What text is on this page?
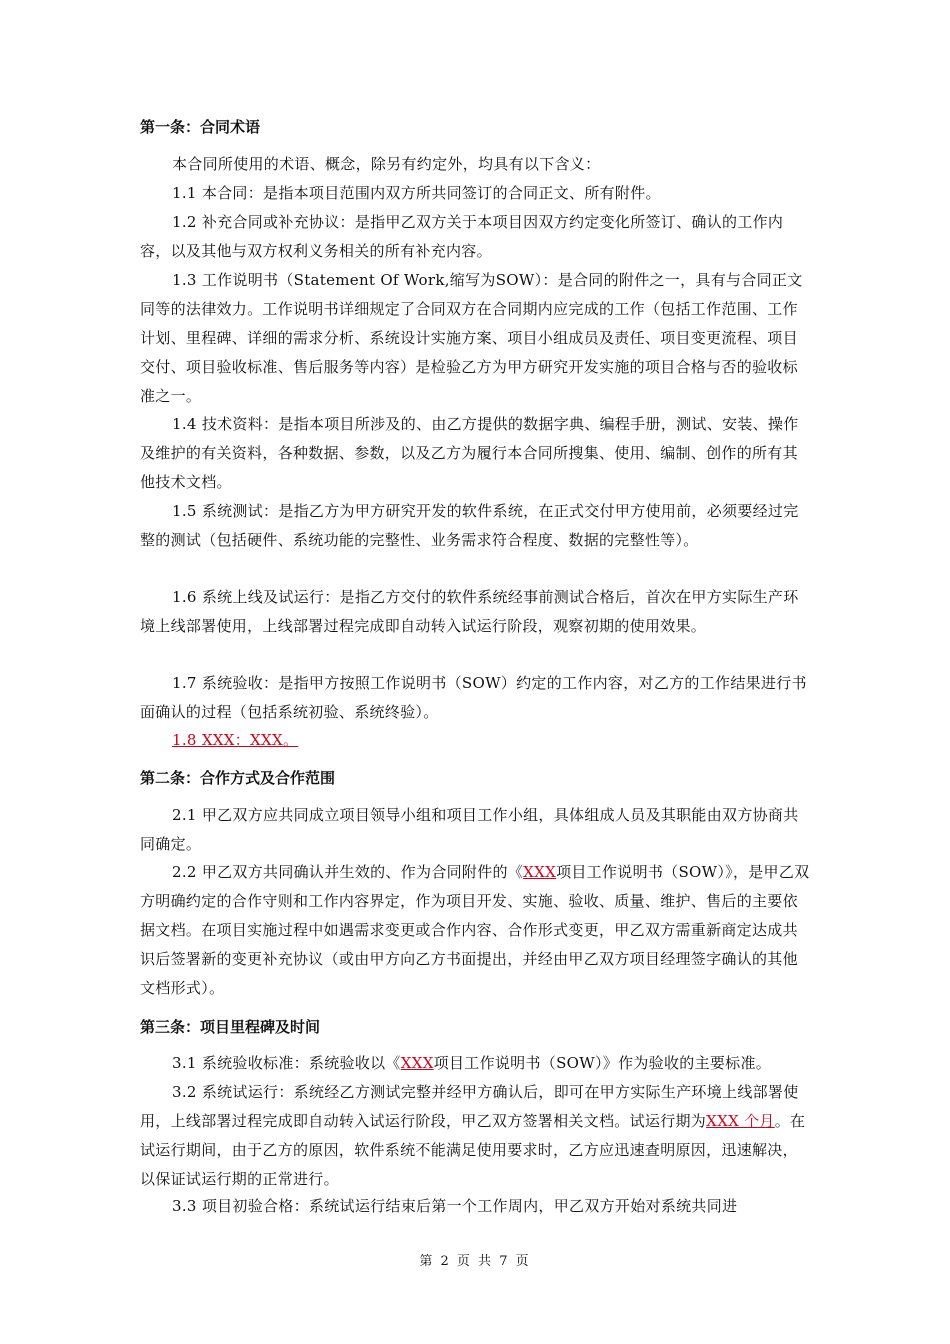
第一条：合同术语

本合同所使用的术语、概念，除另有约定外，均具有以下含义：

1.1 本合同：是指本项目范围内双方所共同签订的合同正文、所有附件。

1.2 补充合同或补充协议：是指甲乙双方关于本项目因双方约定变化所签订、确认的工作内容，以及其他与双方权利义务相关的所有补充内容。

1.3 工作说明书（Statement Of Work,缩写为SOW）：是合同的附件之一，具有与合同正文同等的法律效力。工作说明书详细规定了合同双方在合同期内应完成的工作（包括工作范围、工作计划、里程碑、详细的需求分析、系统设计实施方案、项目小组成员及责任、项目变更流程、项目交付、项目验收标准、售后服务等内容）是检验乙方为甲方研究开发实施的项目合格与否的验收标准之一。

1.4 技术资料：是指本项目所涉及的、由乙方提供的数据字典、编程手册，测试、安装、操作及维护的有关资料，各种数据、参数，以及乙方为履行本合同所搜集、使用、编制、创作的所有其他技术文档。

1.5 系统测试：是指乙方为甲方研究开发的软件系统，在正式交付甲方使用前，必须要经过完整的测试（包括硬件、系统功能的完整性、业务需求符合程度、数据的完整性等）。

1.6 系统上线及试运行：是指乙方交付的软件系统经事前测试合格后，首次在甲方实际生产环境上线部署使用，上线部署过程完成即自动转入试运行阶段，观察初期的使用效果。

1.7 系统验收：是指甲方按照工作说明书（SOW）约定的工作内容，对乙方的工作结果进行书面确认的过程（包括系统初验、系统终验）。

1.8 XXX：XXX。

第二条：合作方式及合作范围

2.1 甲乙双方应共同成立项目领导小组和项目工作小组，具体组成人员及其职能由双方协商共同确定。

2.2 甲乙双方共同确认并生效的、作为合同附件的《XXX项目工作说明书（SOW）》，是甲乙双方明确约定的合作守则和工作内容界定，作为项目开发、实施、验收、质量、维护、售后的主要依据文档。在项目实施过程中如遇需求变更或合作内容、合作形式变更，甲乙双方需重新商定达成共识后签署新的变更补充协议（或由甲方向乙方书面提出，并经由甲乙双方项目经理签字确认的其他文档形式）。

第三条：项目里程碑及时间

3.1 系统验收标准：系统验收以《XXX项目工作说明书（SOW）》作为验收的主要标准。

3.2 系统试运行：系统经乙方测试完整并经甲方确认后，即可在甲方实际生产环境上线部署使用，上线部署过程完成即自动转入试运行阶段，甲乙双方签署相关文档。试运行期为XXX 个月。在试运行期间，由于乙方的原因，软件系统不能满足使用要求时，乙方应迅速查明原因，迅速解决，以保证试运行期的正常进行。

3.3 项目初验合格：系统试运行结束后第一个工作周内，甲乙双方开始对系统共同进

第 2 页 共 7 页
